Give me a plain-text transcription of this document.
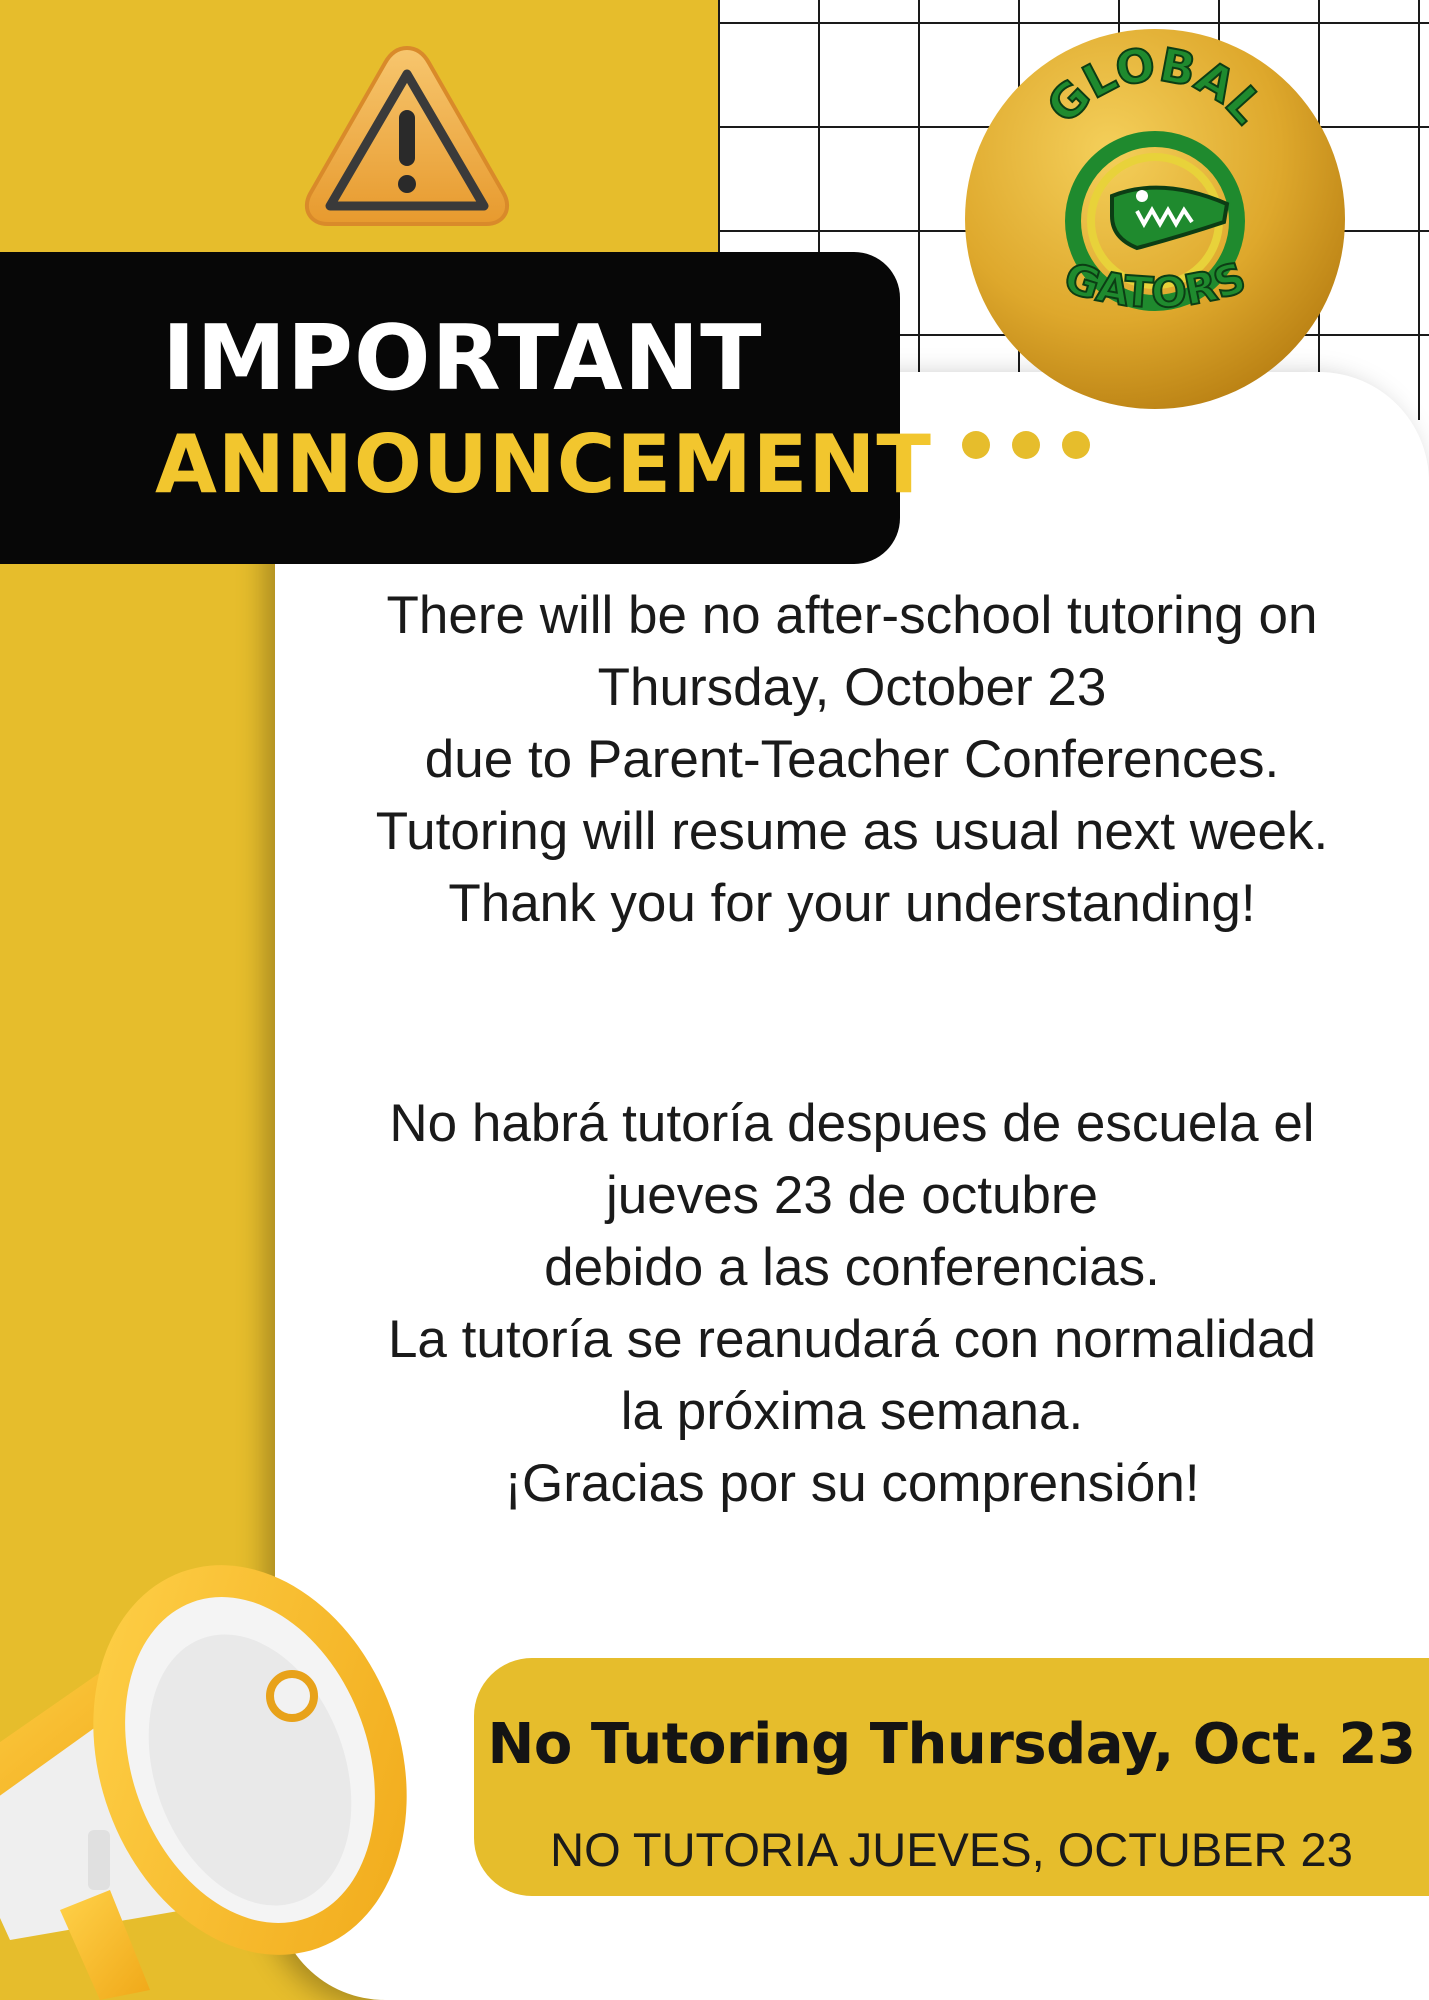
IMPORTANT
ANNOUNCEMENT
GLOBAL
GATORS
There will be no after-school tutoring on
Thursday, October 23
due to Parent-Teacher Conferences.
Tutoring will resume as usual next week.
Thank you for your understanding!
No habrá tutoría despues de escuela el
jueves 23 de octubre
debido a las conferencias.
La tutoría se reanudará con normalidad
la próxima semana.
¡Gracias por su comprensión!
No Tutoring Thursday, Oct. 23
NO TUTORIA JUEVES, OCTUBER 23
